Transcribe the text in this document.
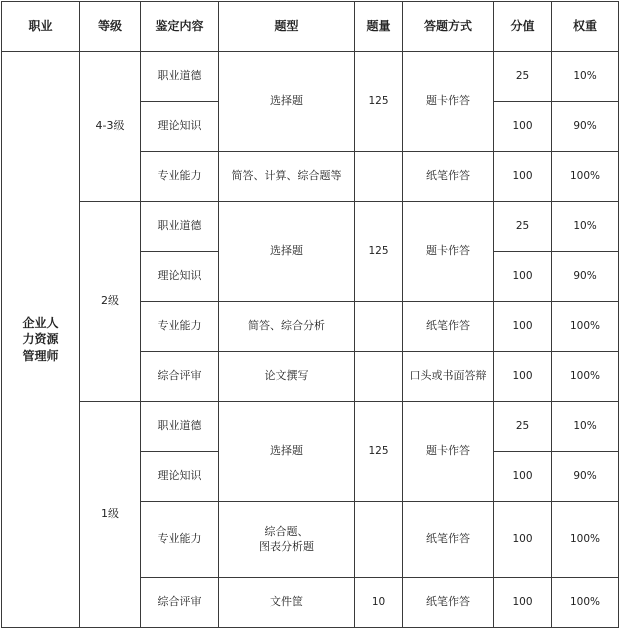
职业	等级	鉴定内容	题型	题量	答题方式	分值	权重

企业人
力资源
管理师	4-3级	职业道德	选择题	125	题卡作答	25	10%
		理论知识				100	90%
		专业能力	简答、计算、综合题等		纸笔作答	100	100%
	2级	职业道德	选择题	125	题卡作答	25	10%
		理论知识				100	90%
		专业能力	简答、综合分析		纸笔作答	100	100%
		综合评审	论文撰写		口头或书面答辩	100	100%
	1级	职业道德	选择题	125	题卡作答	25	10%
		理论知识				100	90%
		专业能力	综合题、
图表分析题		纸笔作答	100	100%
		综合评审	文件筐	10	纸笔作答	100	100%
